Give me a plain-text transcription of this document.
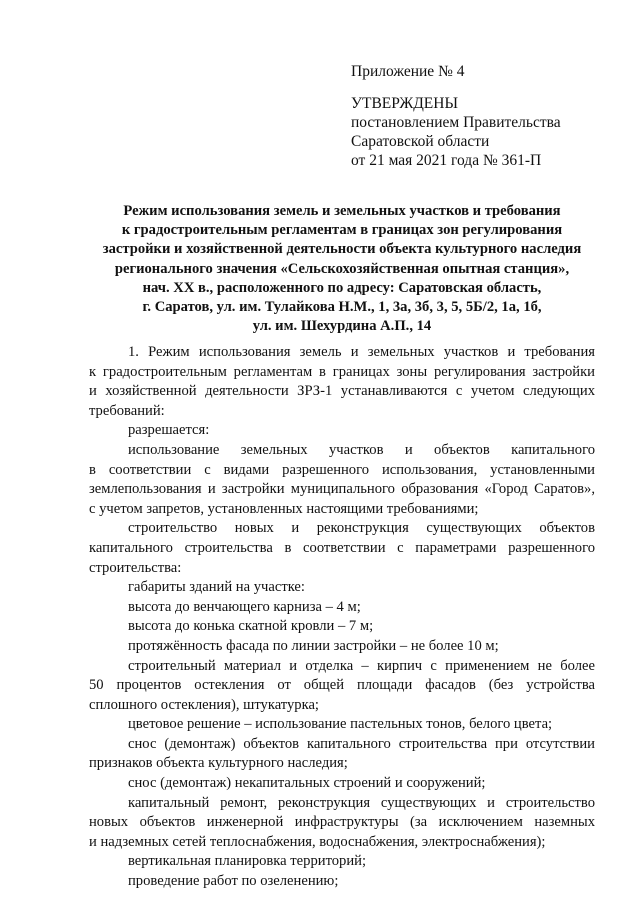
Приложение № 4
УТВЕРЖДЕНЫ
постановлением Правительства
Саратовской области
от 21 мая 2021 года № 361-П
Режим использования земель и земельных участков и требования
к градостроительным регламентам в границах зон регулирования
застройки и хозяйственной деятельности объекта культурного наследия
регионального значения «Сельскохозяйственная опытная станция»,
нач. XX в., расположенного по адресу: Саратовская область,
г. Саратов, ул. им. Тулайкова Н.М., 1, 3а, 3б, 3, 5, 5Б/2, 1а, 1б,
ул. им. Шехурдина А.П., 14
1. Режим использования земель и земельных участков и требования
к градостроительным регламентам в границах зоны регулирования застройки
и хозяйственной деятельности ЗРЗ-1 устанавливаются с учетом следующих
требований:
разрешается:
использование земельных участков и объектов капитального
в соответствии с видами разрешенного использования, установленными
землепользования и застройки муниципального образования «Город Саратов»,
с учетом запретов, установленных настоящими требованиями;
строительство новых и реконструкция существующих объектов
капитального строительства в соответствии с параметрами разрешенного
строительства:
габариты зданий на участке:
высота до венчающего карниза – 4 м;
высота до конька скатной кровли – 7 м;
протяжённость фасада по линии застройки – не более 10 м;
строительный материал и отделка – кирпич с применением не более
50 процентов остекления от общей площади фасадов (без устройства
сплошного остекления), штукатурка;
цветовое решение – использование пастельных тонов, белого цвета;
снос (демонтаж) объектов капитального строительства при отсутствии
признаков объекта культурного наследия;
снос (демонтаж) некапитальных строений и сооружений;
капитальный ремонт, реконструкция существующих и строительство
новых объектов инженерной инфраструктуры (за исключением наземных
и надземных сетей теплоснабжения, водоснабжения, электроснабжения);
вертикальная планировка территорий;
проведение работ по озеленению;
